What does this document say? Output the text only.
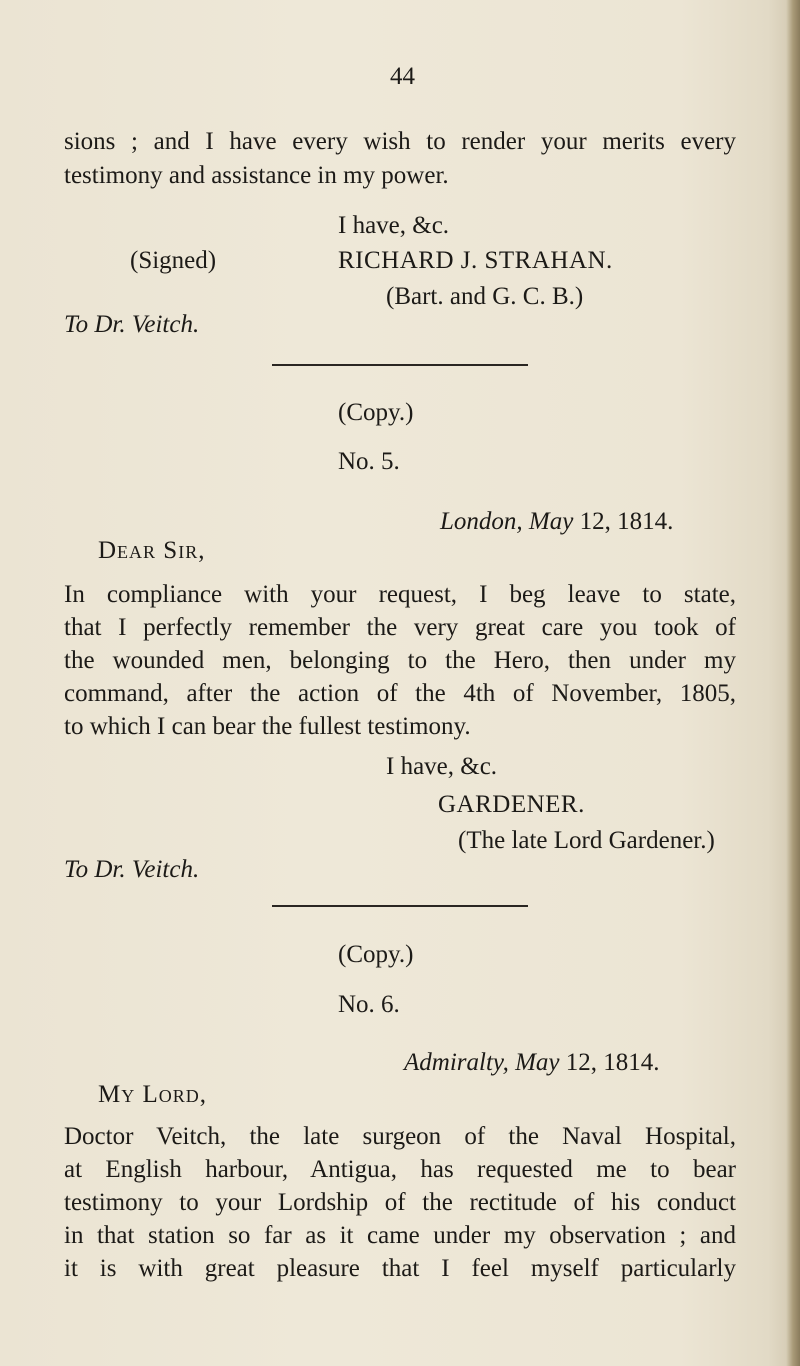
44
sions ; and I have every wish to render your merits every
testimony and assistance in my power.
I have, &c.
(Signed)	RICHARD J. STRAHAN.
(Bart. and G. C. B.)
To Dr. Veitch.
(Copy.)
No. 5.
London, May 12, 1814.
Dear Sir,
In compliance with your request, I beg leave to state,
that I perfectly remember the very great care you took of
the wounded men, belonging to the Hero, then under my
command, after the action of the 4th of November, 1805,
to which I can bear the fullest testimony.
I have, &c.
GARDENER.
(The late Lord Gardener.)
To Dr. Veitch.
(Copy.)
No. 6.
Admiralty, May 12, 1814.
My Lord,
Doctor Veitch, the late surgeon of the Naval Hospital,
at English harbour, Antigua, has requested me to bear
testimony to your Lordship of the rectitude of his conduct
in that station so far as it came under my observation ; and
it is with great pleasure that I feel myself particularly
